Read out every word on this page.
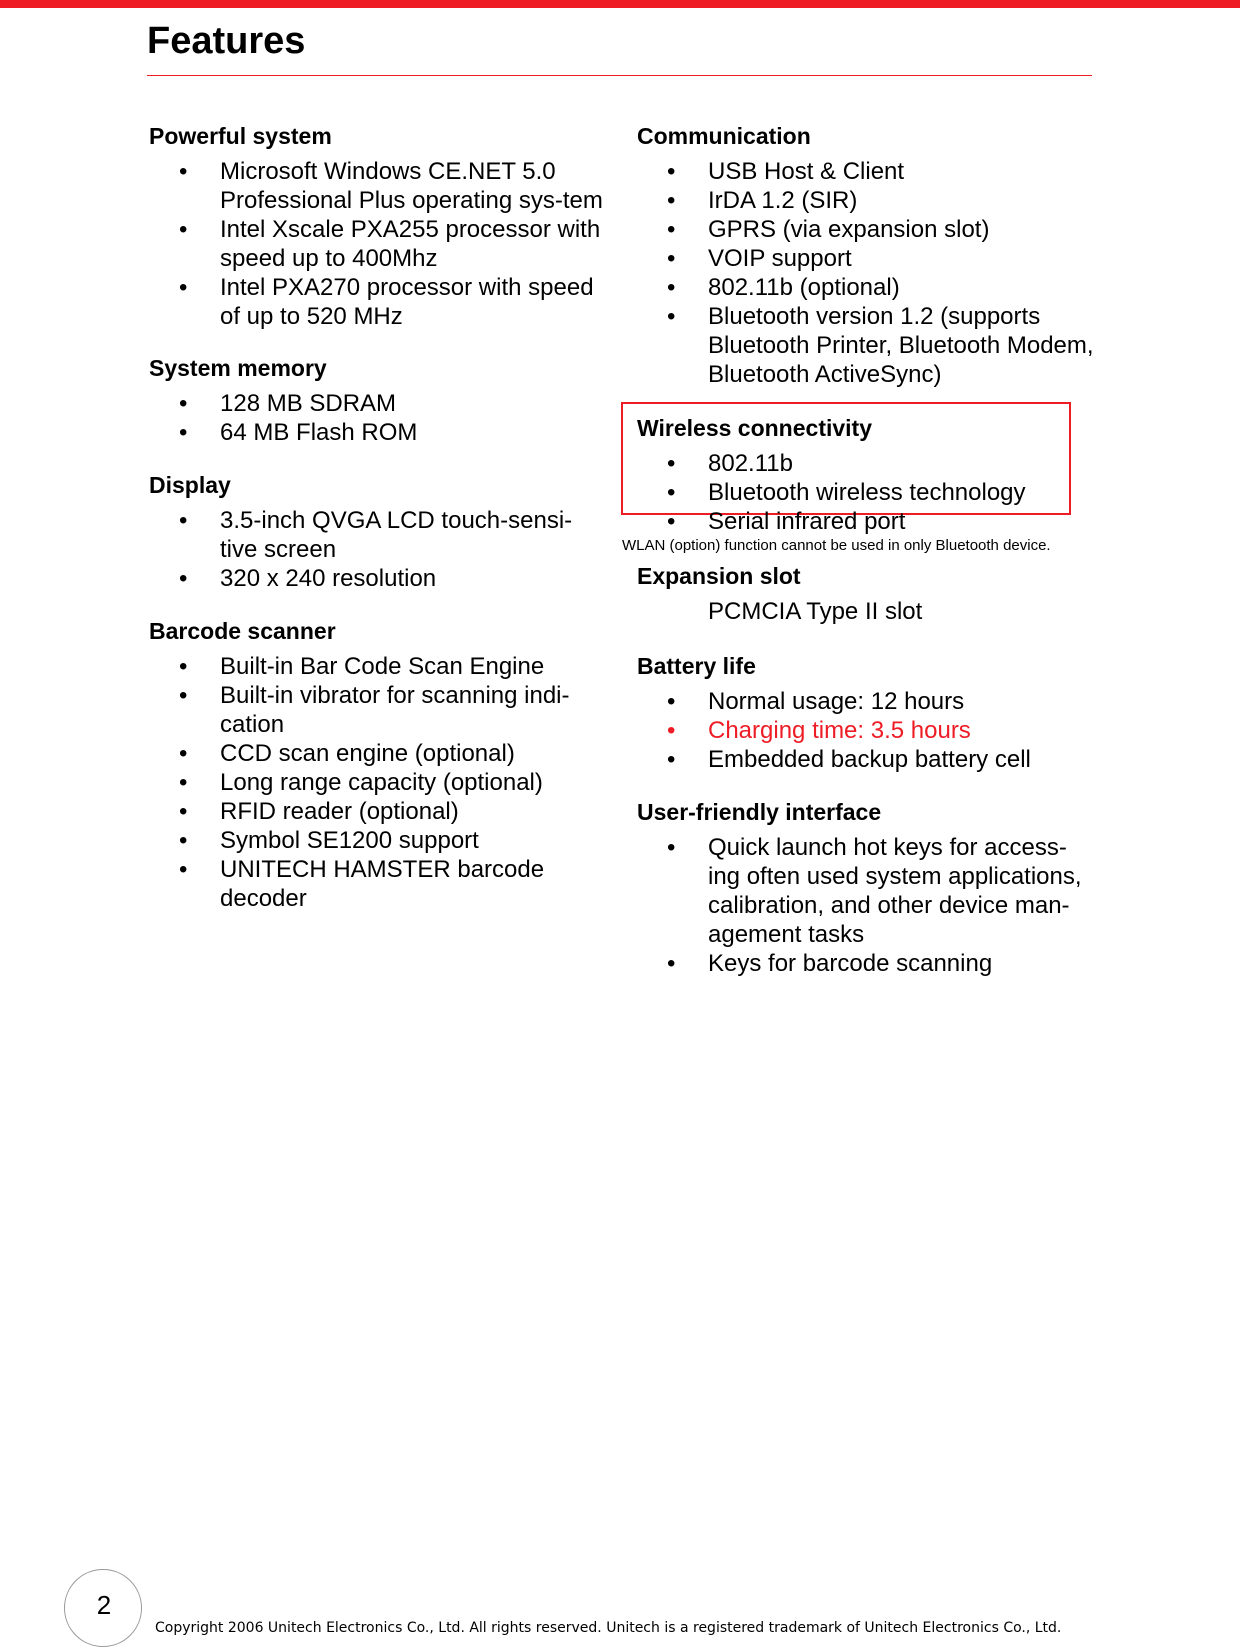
Features
Powerful system
• Microsoft Windows CE.NET 5.0 Professional Plus operating sys-tem
• Intel Xscale PXA255 processor with speed up to 400Mhz
• Intel PXA270 processor with speed of up to 520 MHz
System memory
• 128 MB SDRAM
• 64 MB Flash ROM
Display
• 3.5-inch QVGA LCD touch-sensi-tive screen
• 320 x 240 resolution
Barcode scanner
• Built-in Bar Code Scan Engine
• Built-in vibrator for scanning indi-cation
• CCD scan engine (optional)
• Long range capacity (optional)
• RFID reader (optional)
• Symbol SE1200 support
• UNITECH HAMSTER barcode decoder
Communication
• USB Host & Client
• IrDA 1.2 (SIR)
• GPRS (via expansion slot)
• VOIP support
• 802.11b (optional)
• Bluetooth version 1.2 (supports Bluetooth Printer, Bluetooth Modem, Bluetooth ActiveSync)
Wireless connectivity
• 802.11b
• Bluetooth wireless technology
• Serial infrared port

WLAN (option) function cannot be used in only Bluetooth device.

Expansion slot

PCMCIA Type II slot

Battery life
• Normal usage: 12 hours
• Charging time: 3.5 hours
• Embedded backup battery cell
User-friendly interface
• Quick launch hot keys for access-ing often used system applications, calibration, and other device man-agement tasks
• Keys for barcode scanning
2
Copyright 2006 Unitech Electronics Co., Ltd. All rights reserved. Unitech is a registered trademark of Unitech Electronics Co., Ltd.
